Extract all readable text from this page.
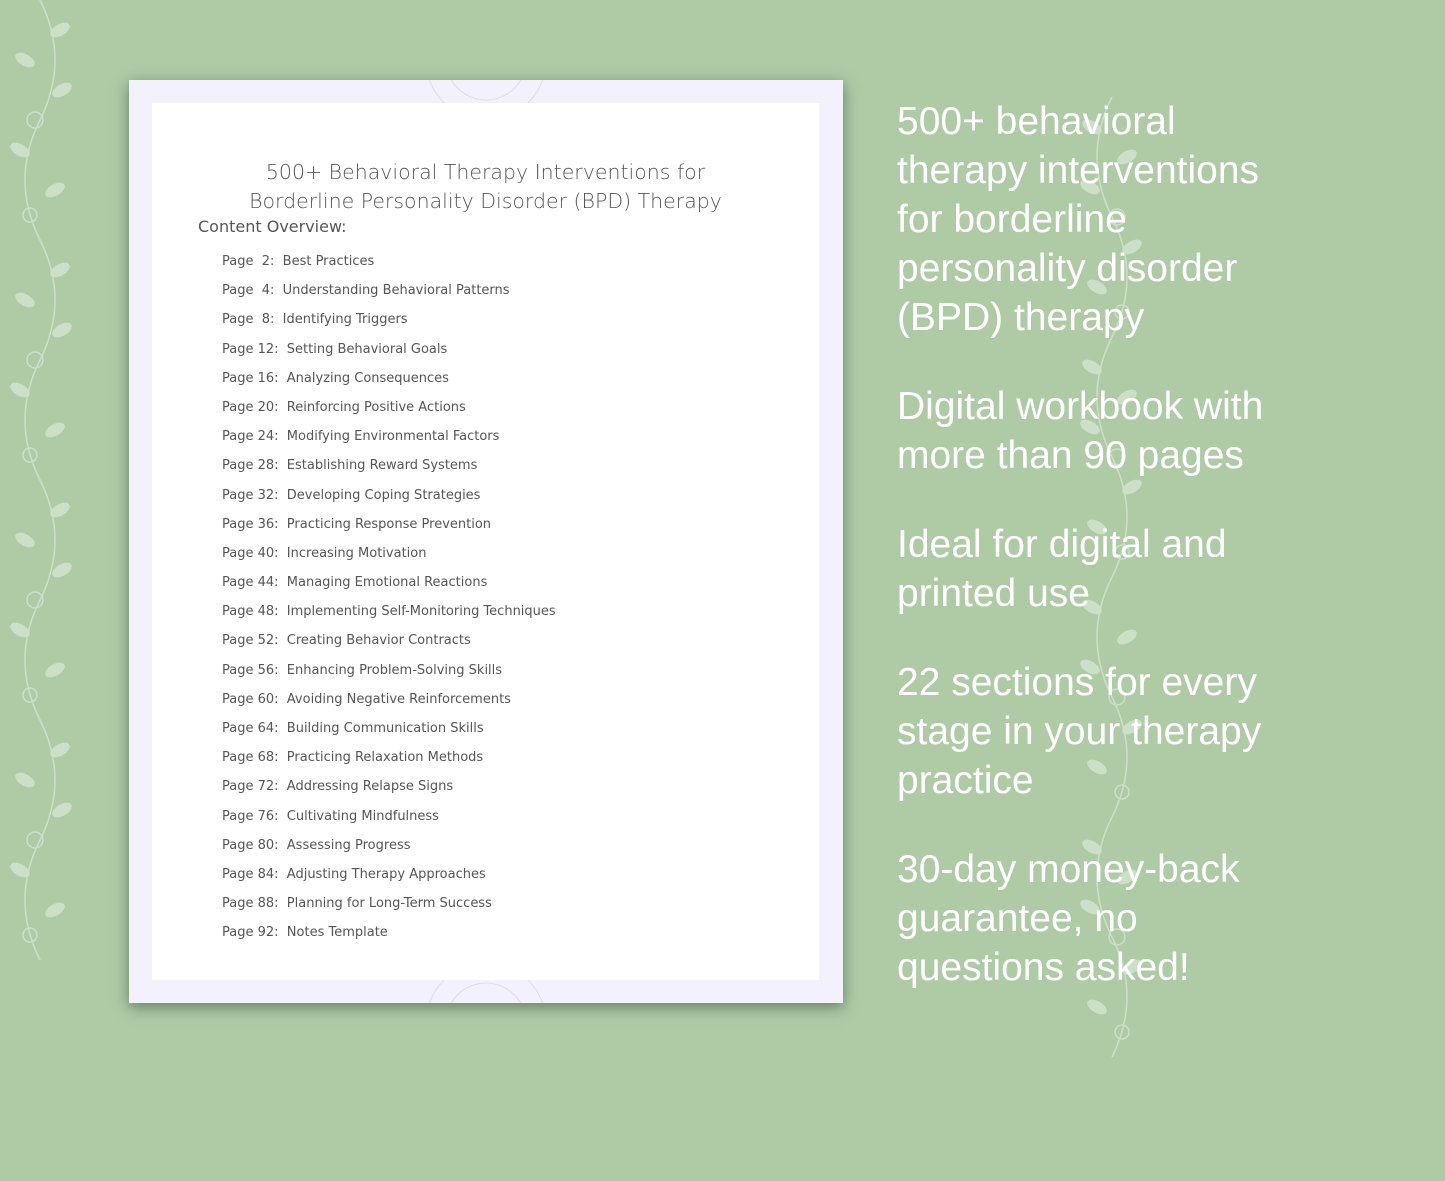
500+ Behavioral Therapy Interventions for
Borderline Personality Disorder (BPD) Therapy
Content Overview:
Page  2:  Best Practices
Page  4:  Understanding Behavioral Patterns
Page  8:  Identifying Triggers
Page 12:  Setting Behavioral Goals
Page 16:  Analyzing Consequences
Page 20:  Reinforcing Positive Actions
Page 24:  Modifying Environmental Factors
Page 28:  Establishing Reward Systems
Page 32:  Developing Coping Strategies
Page 36:  Practicing Response Prevention
Page 40:  Increasing Motivation
Page 44:  Managing Emotional Reactions
Page 48:  Implementing Self-Monitoring Techniques
Page 52:  Creating Behavior Contracts
Page 56:  Enhancing Problem-Solving Skills
Page 60:  Avoiding Negative Reinforcements
Page 64:  Building Communication Skills
Page 68:  Practicing Relaxation Methods
Page 72:  Addressing Relapse Signs
Page 76:  Cultivating Mindfulness
Page 80:  Assessing Progress
Page 84:  Adjusting Therapy Approaches
Page 88:  Planning for Long-Term Success
Page 92:  Notes Template

500+ behavioral therapy interventions for borderline personality disorder (BPD) therapy

Digital workbook with more than 90 pages

Ideal for digital and printed use

22 sections for every stage in your therapy practice

30-day money-back guarantee, no questions asked!
